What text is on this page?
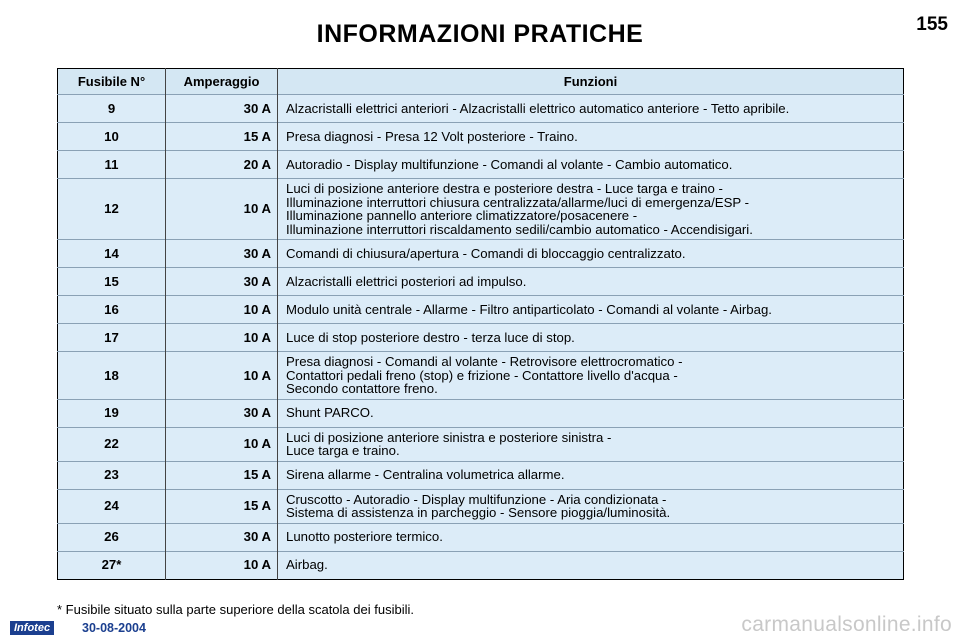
INFORMAZIONI PRATICHE	155
Fusibile N°	Amperaggio	Funzioni
9	30 A	Alzacristalli elettrici anteriori - Alzacristalli elettrico automatico anteriore - Tetto apribile.
10	15 A	Presa diagnosi - Presa 12 Volt posteriore - Traino.
11	20 A	Autoradio - Display multifunzione - Comandi al volante - Cambio automatico.
12	10 A	Luci di posizione anteriore destra e posteriore destra - Luce targa e traino -
Illuminazione interruttori chiusura centralizzata/allarme/luci di emergenza/ESP -
Illuminazione pannello anteriore climatizzatore/posacenere -
Illuminazione interruttori riscaldamento sedili/cambio automatico - Accendisigari.
14	30 A	Comandi di chiusura/apertura - Comandi di bloccaggio centralizzato.
15	30 A	Alzacristalli elettrici posteriori ad impulso.
16	10 A	Modulo unità centrale - Allarme - Filtro antiparticolato - Comandi al volante - Airbag.
17	10 A	Luce di stop posteriore destro - terza luce di stop.
18	10 A	Presa diagnosi - Comandi al volante - Retrovisore elettrocromatico -
Contattori pedali freno (stop) e frizione - Contattore livello d'acqua -
Secondo contattore freno.
19	30 A	Shunt PARCO.
22	10 A	Luci di posizione anteriore sinistra e posteriore sinistra -
Luce targa e traino.
23	15 A	Sirena allarme - Centralina volumetrica allarme.
24	15 A	Cruscotto - Autoradio - Display multifunzione - Aria condizionata -
Sistema di assistenza in parcheggio - Sensore pioggia/luminosità.
26	30 A	Lunotto posteriore termico.
27*	10 A	Airbag.
* Fusibile situato sulla parte superiore della scatola dei fusibili.
Infotec	30-08-2004	carmanualsonline.info
